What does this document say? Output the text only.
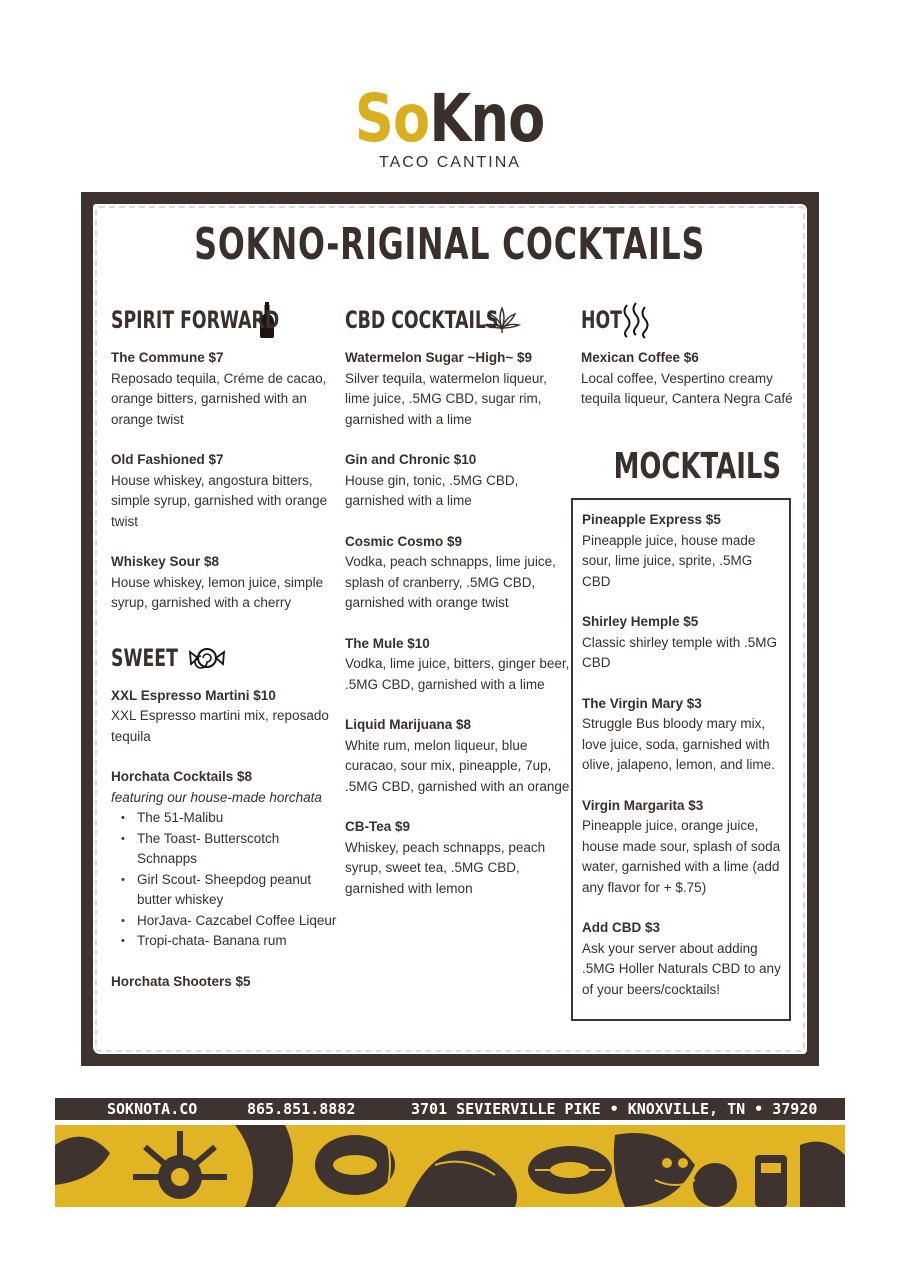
SoKno
TACO CANTINA
SOKNO-RIGINAL COCKTAILS
SPIRIT FORWARD
The Commune $7
Reposado tequila, Créme de cacao, orange bitters, garnished with an orange twist
Old Fashioned $7
House whiskey, angostura bitters, simple syrup, garnished with orange twist
Whiskey Sour $8
House whiskey, lemon juice, simple syrup, garnished with a cherry
SWEET
XXL Espresso Martini $10
XXL Espresso martini mix, reposado tequila
Horchata Cocktails $8
featuring our house-made horchata
• The 51-Malibu
• The Toast- Butterscotch Schnapps
• Girl Scout- Sheepdog peanut butter whiskey
• HorJava- Cazcabel Coffee Liqeur
• Tropi-chata- Banana rum
Horchata Shooters $5
CBD COCKTAILS
Watermelon Sugar ~High~ $9
Silver tequila, watermelon liqueur, lime juice, .5MG CBD, sugar rim, garnished with a lime
Gin and Chronic $10
House gin, tonic, .5MG CBD, garnished with a lime
Cosmic Cosmo $9
Vodka, peach schnapps, lime juice, splash of cranberry, .5MG CBD, garnished with orange twist
The Mule $10
Vodka, lime juice, bitters, ginger beer, .5MG CBD, garnished with a lime
Liquid Marijuana $8
White rum, melon liqueur, blue curacao, sour mix, pineapple, 7up, .5MG CBD, garnished with an orange
CB-Tea $9
Whiskey, peach schnapps, peach syrup, sweet tea, .5MG CBD, garnished with lemon
HOT
Mexican Coffee $6
Local coffee, Vespertino creamy tequila liqueur, Cantera Negra Café
MOCKTAILS
Pineapple Express $5
Pineapple juice, house made sour, lime juice, sprite, .5MG CBD
Shirley Hemple $5
Classic shirley temple with .5MG CBD
The Virgin Mary $3
Struggle Bus bloody mary mix, love juice, soda, garnished with olive, jalapeno, lemon, and lime.
Virgin Margarita $3
Pineapple juice, orange juice, house made sour, splash of soda water, garnished with a lime (add any flavor for + $.75)
Add CBD $3
Ask your server about adding .5MG Holler Naturals CBD to any of your beers/cocktails!
SOKNOTA.CO	865.851.8882	3701 SEVIERVILLE PIKE • KNOXVILLE, TN • 37920
